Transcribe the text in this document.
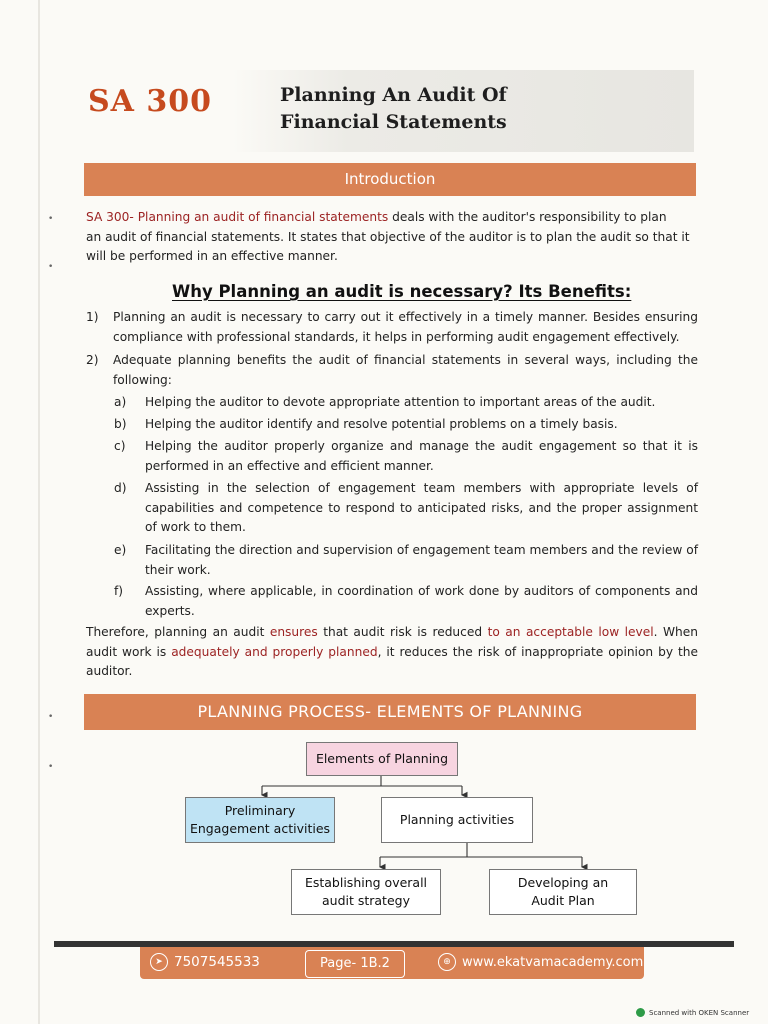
•
•
•
•
SA 300	Planning An Audit Of
Financial Statements
Introduction
SA 300- Planning an audit of financial statements deals with the auditor's responsibility to plan
an audit of financial statements. It states that objective of the auditor is to plan the audit so that it
will be performed in an effective manner.
Why Planning an audit is necessary? Its Benefits:
1) Planning an audit is necessary to carry out it effectively in a timely manner. Besides ensuring compliance with professional standards, it helps in performing audit engagement effectively.
2) Adequate planning benefits the audit of financial statements in several ways, including the following:
a) Helping the auditor to devote appropriate attention to important areas of the audit.
b) Helping the auditor identify and resolve potential problems on a timely basis.
c) Helping the auditor properly organize and manage the audit engagement so that it is performed in an effective and efficient manner.
d) Assisting in the selection of engagement team members with appropriate levels of capabilities and competence to respond to anticipated risks, and the proper assignment of work to them.
e) Facilitating the direction and supervision of engagement team members and the review of their work.
f) Assisting, where applicable, in coordination of work done by auditors of components and experts.
Therefore, planning an audit ensures that audit risk is reduced to an acceptable low level. When audit work is adequately and properly planned, it reduces the risk of inappropriate opinion by the auditor.
PLANNING PROCESS- ELEMENTS OF PLANNING
Elements of Planning
Preliminary
Engagement activities
Planning activities
Establishing overall
audit strategy
Developing an
Audit Plan
➤ 7507545533	Page- 1B.2	⊕ www.ekatvamacademy.com
Scanned with OKEN Scanner
